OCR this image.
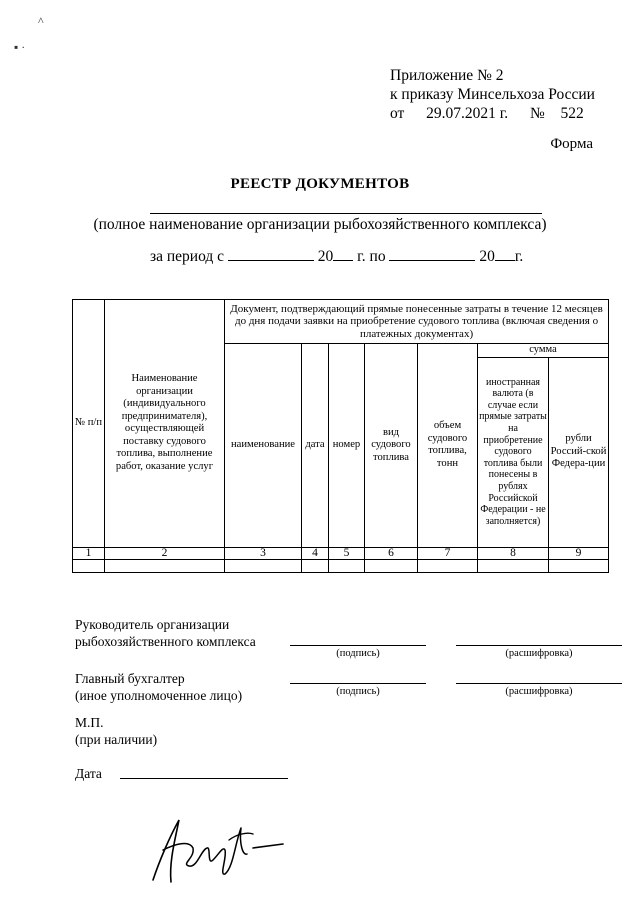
^
▪ ·
Приложение № 2
к приказу Минсельхоза России
от 29.07.2021 г. № 522
Форма
РЕЕСТР ДОКУМЕНТОВ
(полное наименование организации рыбохозяйственного комплекса)
за период с	20 г. по	20 г.
№ п/п	Наименование организации (индивидуального предпринимателя), осуществляющей поставку судового топлива, выполнение работ, оказание услуг	Документ, подтверждающий прямые понесенные затраты в течение 12 месяцев до дня подачи заявки на приобретение судового топлива (включая сведения о платежных документах)						
		наименование	дата	номер	вид судового топлива	объем судового топлива, тонн	сумма	
							иностранная валюта (в случае если прямые затраты на приобретение судового топлива были понесены в рублях Российской Федерации - не заполняется)	рубли Россий-ской Федера-ции
1	2	3	4	5	6	7	8	9

Руководитель организации
рыбохозяйственного комплекса
(подпись)	(расшифровка)
Главный бухгалтер
(иное уполномоченное лицо)	(подпись)	(расшифровка)
М.П.
(при наличии)
Дата
